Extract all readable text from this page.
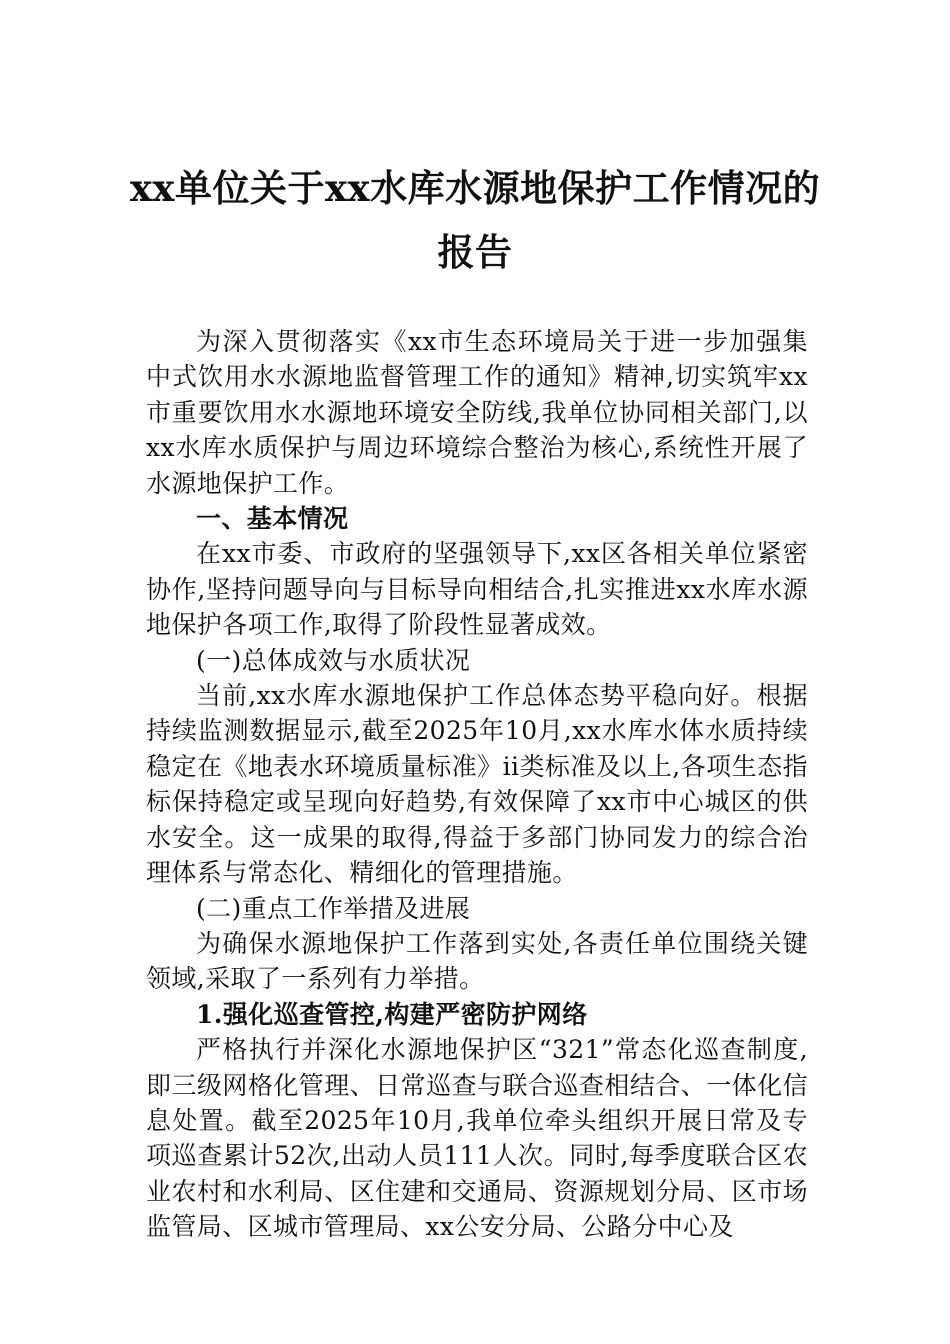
xx单位关于xx水库水源地保护工作情况的
报告

为深入贯彻落实《xx市生态环境局关于进一步加强集中式饮用水水源地监督管理工作的通知》精神,切实筑牢xx市重要饮用水水源地环境安全防线,我单位协同相关部门,以xx水库水质保护与周边环境综合整治为核心,系统性开展了水源地保护工作。

一、基本情况

在xx市委、市政府的坚强领导下,xx区各相关单位紧密协作,坚持问题导向与目标导向相结合,扎实推进xx水库水源地保护各项工作,取得了阶段性显著成效。

(一)总体成效与水质状况

当前,xx水库水源地保护工作总体态势平稳向好。根据持续监测数据显示,截至2025年10月,xx水库水体水质持续稳定在《地表水环境质量标准》ii类标准及以上,各项生态指标保持稳定或呈现向好趋势,有效保障了xx市中心城区的供水安全。这一成果的取得,得益于多部门协同发力的综合治理体系与常态化、精细化的管理措施。

(二)重点工作举措及进展

为确保水源地保护工作落到实处,各责任单位围绕关键领域,采取了一系列有力举措。

1.强化巡查管控,构建严密防护网络

严格执行并深化水源地保护区“321”常态化巡查制度,即三级网格化管理、日常巡查与联合巡查相结合、一体化信息处置。截至2025年10月,我单位牵头组织开展日常及专项巡查累计52次,出动人员111人次。同时,每季度联合区农业农村和水利局、区住建和交通局、资源规划分局、区市场监管局、区城市管理局、xx公安分局、公路分中心及
